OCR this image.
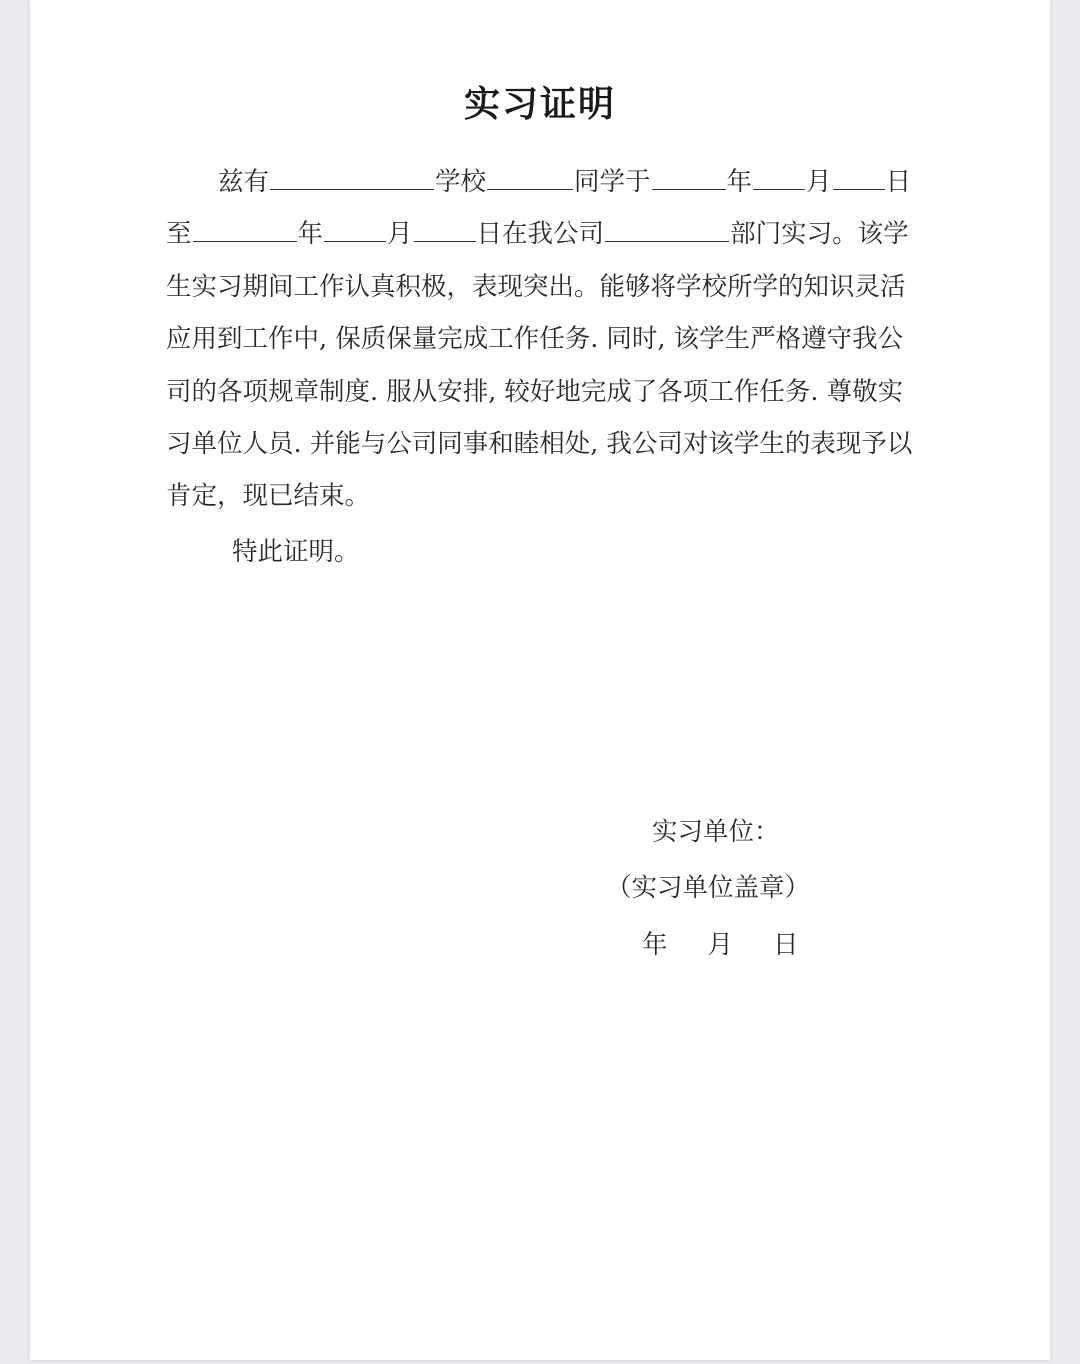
实习证明
兹有	学校	同学于	年 月 日
至	年	月	日在我公司	部门实习。该学
生实习期间工作认真积极，表现突出。能够将学校所学的知识灵活
应用到工作中, 保质保量完成工作任务. 同时, 该学生严格遵守我公
司的各项规章制度. 服从安排, 较好地完成了各项工作任务. 尊敬实
习单位人员. 并能与公司同事和睦相处, 我公司对该学生的表现予以
肯定，现已结束。
特此证明。
实习单位：
（实习单位盖章）
年 月 日
